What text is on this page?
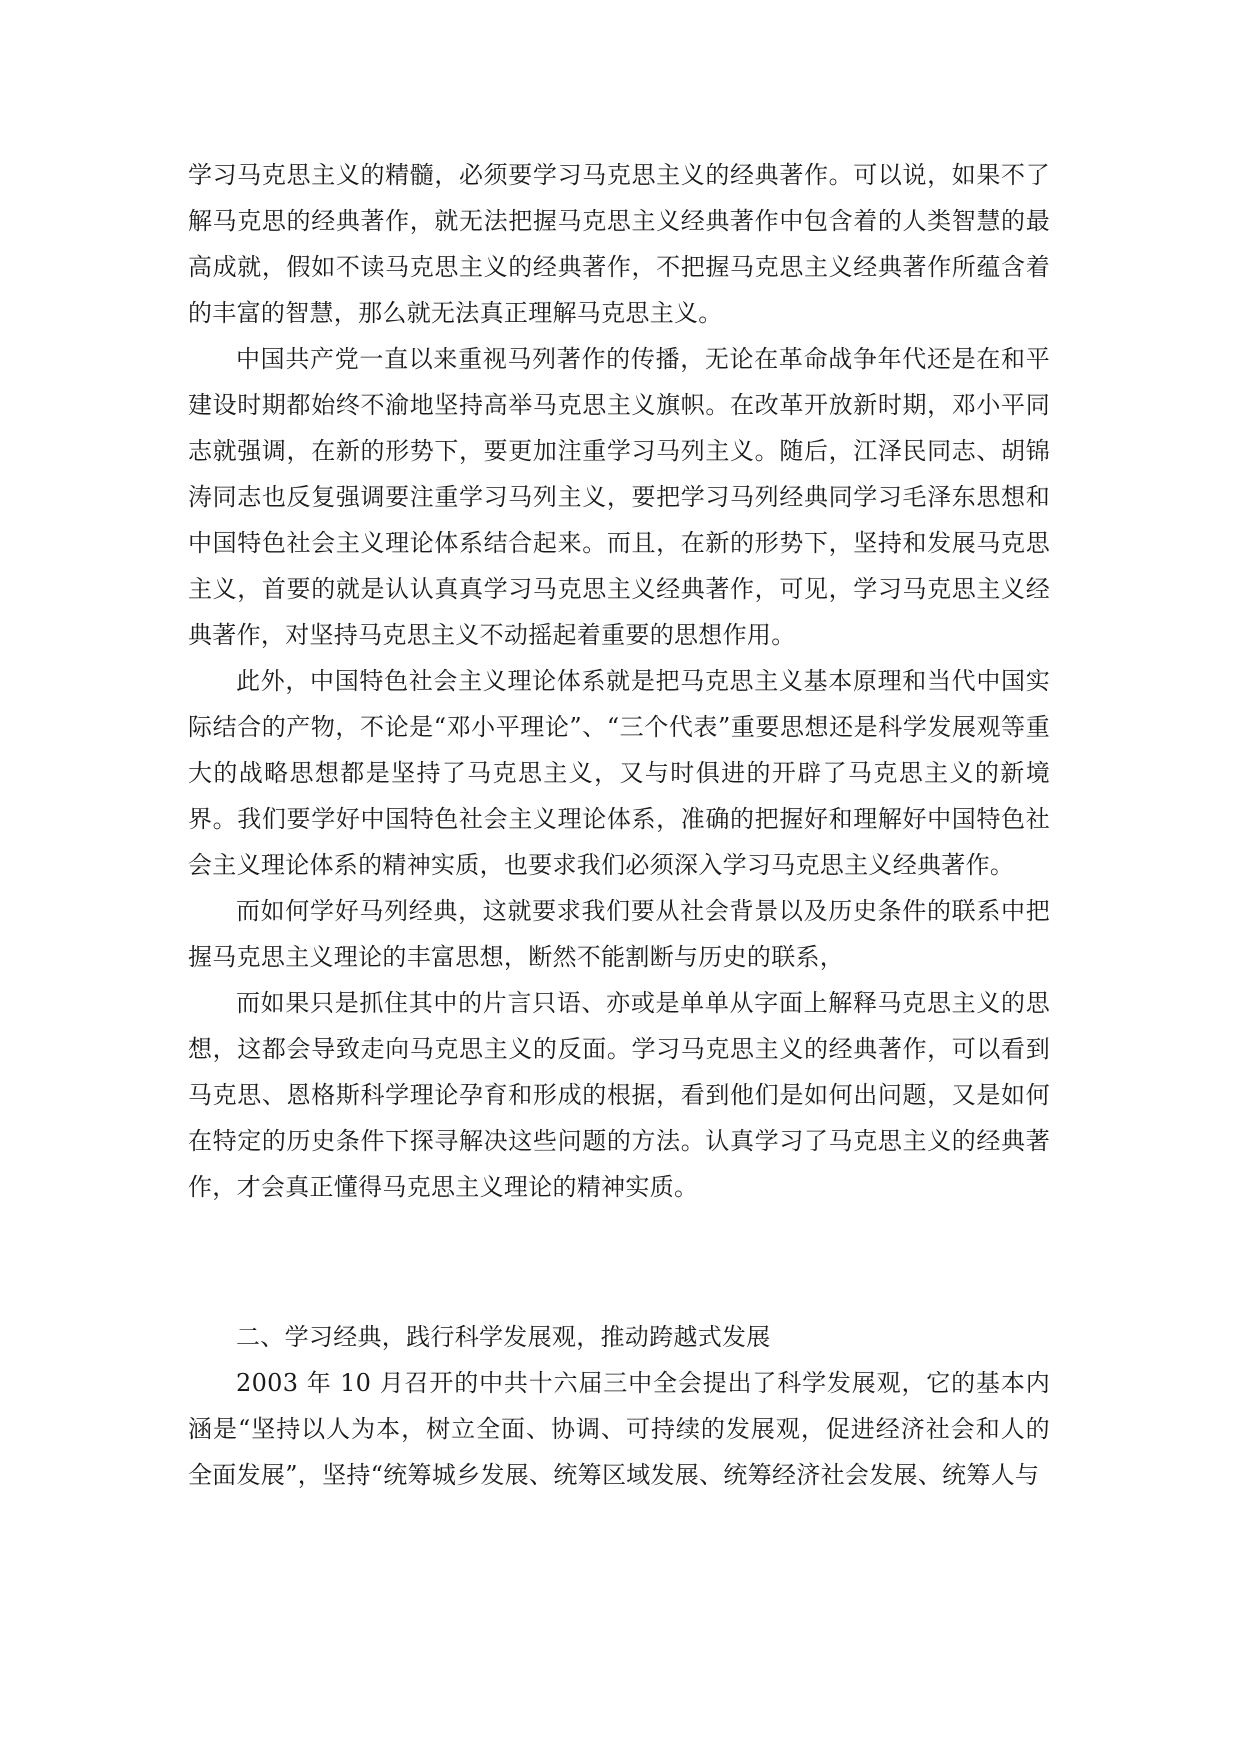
学习马克思主义的精髓，必须要学习马克思主义的经典著作。可以说，如果不了解马克思的经典著作，就无法把握马克思主义经典著作中包含着的人类智慧的最高成就，假如不读马克思主义的经典著作，不把握马克思主义经典著作所蕴含着的丰富的智慧，那么就无法真正理解马克思主义。

中国共产党一直以来重视马列著作的传播，无论在革命战争年代还是在和平建设时期都始终不渝地坚持高举马克思主义旗帜。在改革开放新时期，邓小平同志就强调，在新的形势下，要更加注重学习马列主义。随后，江泽民同志、胡锦涛同志也反复强调要注重学习马列主义，要把学习马列经典同学习毛泽东思想和中国特色社会主义理论体系结合起来。而且，在新的形势下，坚持和发展马克思主义，首要的就是认认真真学习马克思主义经典著作，可见，学习马克思主义经典著作，对坚持马克思主义不动摇起着重要的思想作用。

此外，中国特色社会主义理论体系就是把马克思主义基本原理和当代中国实际结合的产物，不论是“邓小平理论”、“三个代表”重要思想还是科学发展观等重大的战略思想都是坚持了马克思主义，又与时俱进的开辟了马克思主义的新境界。我们要学好中国特色社会主义理论体系，准确的把握好和理解好中国特色社会主义理论体系的精神实质，也要求我们必须深入学习马克思主义经典著作。

而如何学好马列经典，这就要求我们要从社会背景以及历史条件的联系中把握马克思主义理论的丰富思想，断然不能割断与历史的联系，

而如果只是抓住其中的片言只语、亦或是单单从字面上解释马克思主义的思想，这都会导致走向马克思主义的反面。学习马克思主义的经典著作，可以看到马克思、恩格斯科学理论孕育和形成的根据，看到他们是如何出问题，又是如何在特定的历史条件下探寻解决这些问题的方法。认真学习了马克思主义的经典著作，才会真正懂得马克思主义理论的精神实质。

二、学习经典，践行科学发展观，推动跨越式发展

2003 年 10 月召开的中共十六届三中全会提出了科学发展观，它的基本内涵是“坚持以人为本，树立全面、协调、可持续的发展观，促进经济社会和人的全面发展”，坚持“统筹城乡发展、统筹区域发展、统筹经济社会发展、统筹人与
